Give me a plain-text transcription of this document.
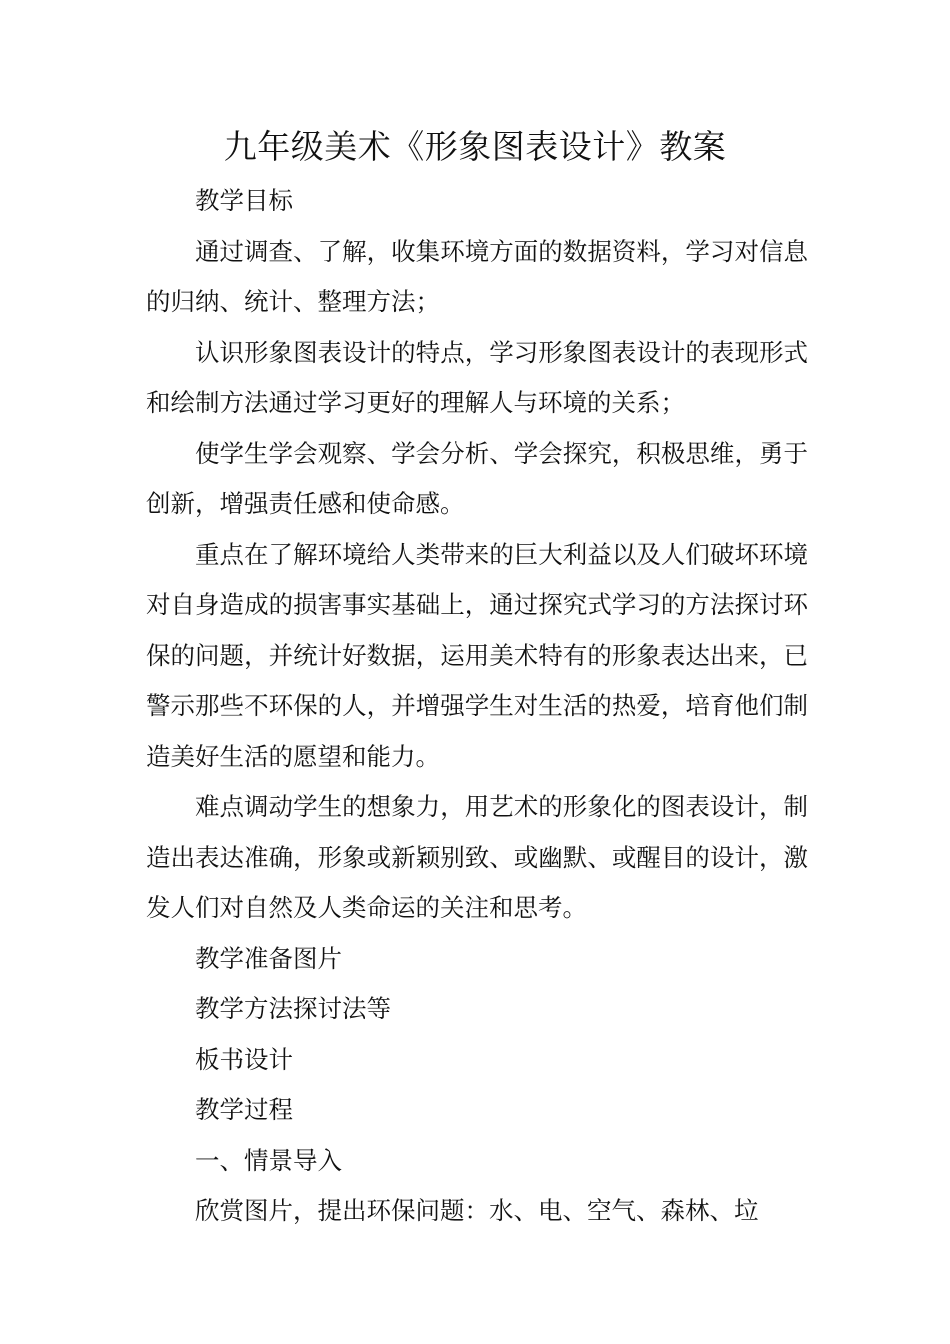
九年级美术《形象图表设计》教案

教学目标

通过调查、了解，收集环境方面的数据资料，学习对信息的归纳、统计、整理方法；

认识形象图表设计的特点，学习形象图表设计的表现形式和绘制方法通过学习更好的理解人与环境的关系；

使学生学会观察、学会分析、学会探究，积极思维，勇于创新，增强责任感和使命感。

重点在了解环境给人类带来的巨大利益以及人们破坏环境对自身造成的损害事实基础上，通过探究式学习的方法探讨环保的问题，并统计好数据，运用美术特有的形象表达出来，已警示那些不环保的人，并增强学生对生活的热爱，培育他们制造美好生活的愿望和能力。

难点调动学生的想象力，用艺术的形象化的图表设计，制造出表达准确，形象或新颖别致、或幽默、或醒目的设计，激发人们对自然及人类命运的关注和思考。

教学准备图片

教学方法探讨法等

板书设计

教学过程

一、情景导入

欣赏图片，提出环保问题：水、电、空气、森林、垃
